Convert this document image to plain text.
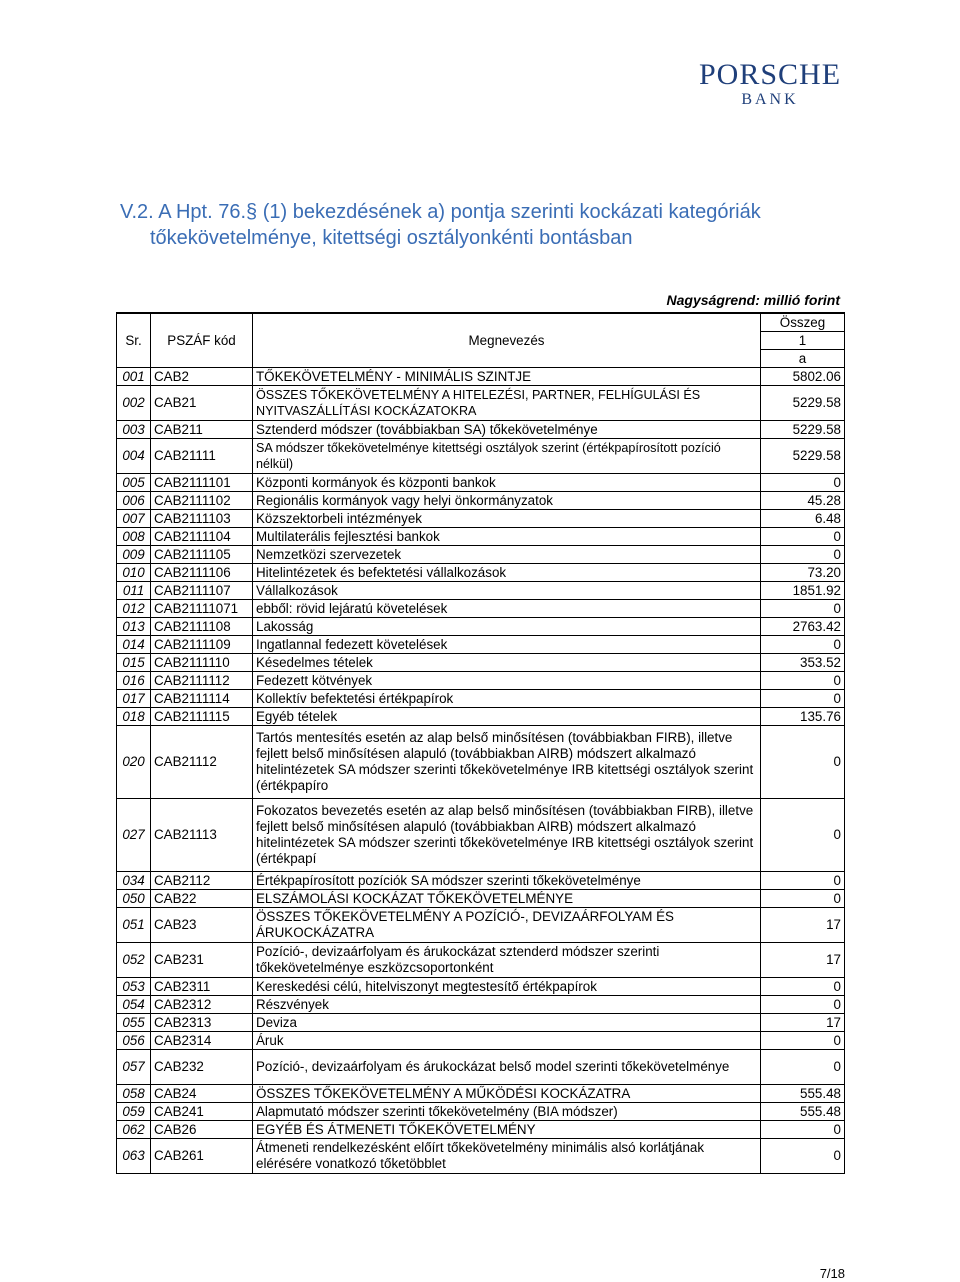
PORSCHE
BANK
V.2. A Hpt. 76.§ (1) bekezdésének a) pontja szerinti kockázati kategóriák
tőkekövetelménye, kitettségi osztályonkénti bontásban
Nagyságrend: millió forint
Sr.	PSZÁF kód	Megnevezés	Összeg
			1
			a
001	CAB2	TŐKEKÖVETELMÉNY - MINIMÁLIS SZINTJE	5802.06
002	CAB21	ÖSSZES TŐKEKÖVETELMÉNY A HITELEZÉSI, PARTNER, FELHÍGULÁSI ÉS NYITVASZÁLLÍTÁSI KOCKÁZATOKRA	5229.58
003	CAB211	Sztenderd módszer (továbbiakban SA) tőkekövetelménye	5229.58
004	CAB21111	SA módszer tőkekövetelménye kitettségi osztályok szerint (értékpapírosított pozíció nélkül)	5229.58
005	CAB2111101	Központi kormányok és központi bankok	0
006	CAB2111102	Regionális kormányok vagy helyi önkormányzatok	45.28
007	CAB2111103	Közszektorbeli intézmények	6.48
008	CAB2111104	Multilaterális fejlesztési bankok	0
009	CAB2111105	Nemzetközi szervezetek	0
010	CAB2111106	Hitelintézetek és befektetési vállalkozások	73.20
011	CAB2111107	Vállalkozások	1851.92
012	CAB21111071	ebből: rövid lejáratú követelések	0
013	CAB2111108	Lakosság	2763.42
014	CAB2111109	Ingatlannal fedezett követelések	0
015	CAB2111110	Késedelmes tételek	353.52
016	CAB2111112	Fedezett kötvények	0
017	CAB2111114	Kollektív befektetési értékpapírok	0
018	CAB2111115	Egyéb tételek	135.76
020	CAB21112	Tartós mentesítés esetén az alap belső minősítésen (továbbiakban FIRB), illetve fejlett belső minősítésen alapuló (továbbiakban AIRB) módszert alkalmazó hitelintézetek SA módszer szerinti tőkekövetelménye IRB kitettségi osztályok szerint (értékpapíro	0
027	CAB21113	Fokozatos bevezetés esetén az alap belső minősítésen (továbbiakban FIRB), illetve fejlett belső minősítésen alapuló (továbbiakban AIRB) módszert alkalmazó hitelintézetek SA módszer szerinti tőkekövetelménye IRB kitettségi osztályok szerint (értékpapí	0
034	CAB2112	Értékpapírosított pozíciók SA módszer szerinti tőkekövetelménye	0
050	CAB22	ELSZÁMOLÁSI KOCKÁZAT TŐKEKÖVETELMÉNYE	0
051	CAB23	ÖSSZES TŐKEKÖVETELMÉNY A POZÍCIÓ-, DEVIZAÁRFOLYAM ÉS ÁRUKOCKÁZATRA	17
052	CAB231	Pozíció-, devizaárfolyam és árukockázat sztenderd módszer szerinti tőkekövetelménye eszközcsoportonként	17
053	CAB2311	Kereskedési célú, hitelviszonyt megtestesítő értékpapírok	0
054	CAB2312	Részvények	0
055	CAB2313	Deviza	17
056	CAB2314	Áruk	0
057	CAB232	Pozíció-, devizaárfolyam és árukockázat belső model szerinti tőkekövetelménye	0
058	CAB24	ÖSSZES TŐKEKÖVETELMÉNY A MŰKÖDÉSI KOCKÁZATRA	555.48
059	CAB241	Alapmutató módszer szerinti tőkekövetelmény (BIA módszer)	555.48
062	CAB26	EGYÉB ÉS ÁTMENETI TŐKEKÖVETELMÉNY	0
063	CAB261	Átmeneti rendelkezésként előírt tőkekövetelmény minimális alsó korlátjának elérésére vonatkozó tőketöbblet	0
7/18
